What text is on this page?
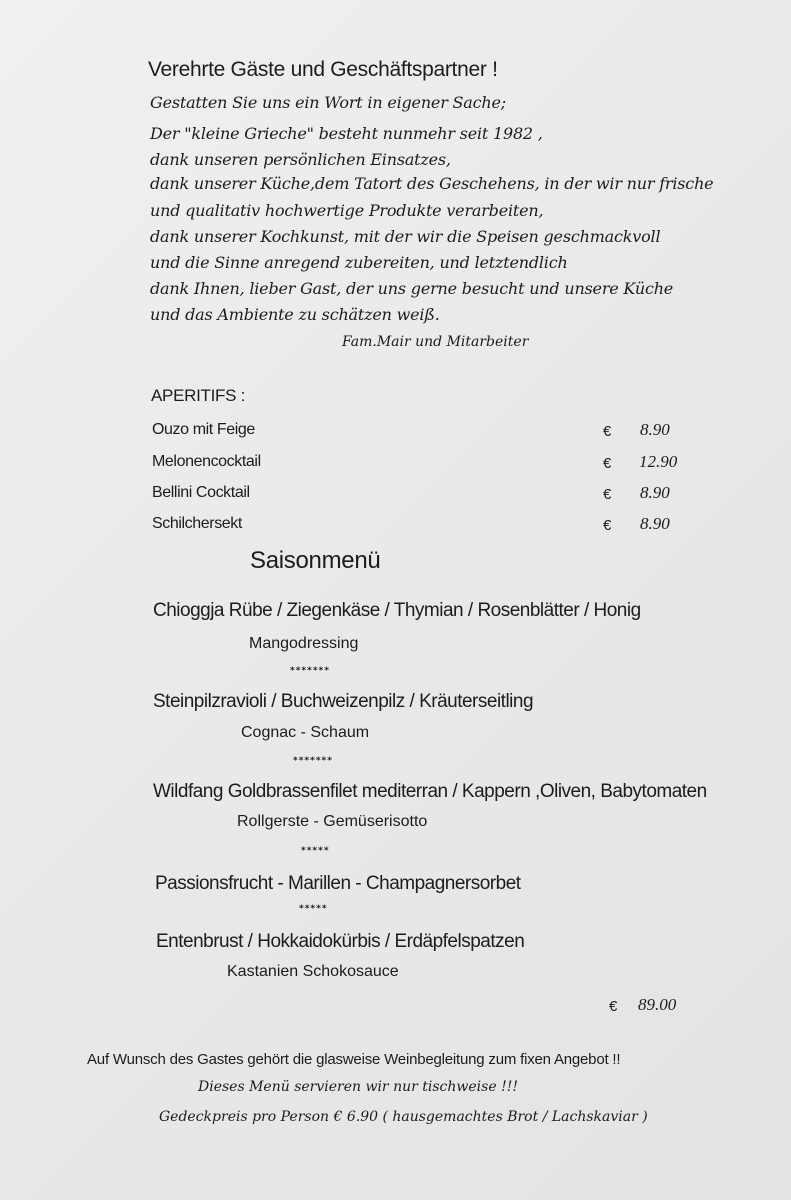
Verehrte Gäste und Geschäftspartner !
Gestatten Sie uns ein Wort in eigener Sache;
Der "kleine Grieche" besteht nunmehr seit 1982 ,
dank unseren persönlichen Einsatzes,
dank unserer Küche,dem Tatort des Geschehens, in der wir nur frische
und qualitativ hochwertige Produkte verarbeiten,
dank unserer Kochkunst, mit der wir die Speisen geschmackvoll
und die Sinne anregend zubereiten, und letztendlich
dank Ihnen, lieber Gast, der uns gerne besucht und unsere Küche
und das Ambiente zu schätzen weiß.
Fam.Mair und Mitarbeiter
APERITIFS :
Ouzo mit Feige	€ 8.90
Melonencocktail	€ 12.90
Bellini Cocktail	€ 8.90
Schilchersekt	€ 8.90
Saisonmenü
Chioggja Rübe / Ziegenkäse / Thymian / Rosenblätter / Honig
Mangodressing
*******
Steinpilzravioli / Buchweizenpilz / Kräuterseitling
Cognac - Schaum
*******
Wildfang Goldbrassenfilet mediterran / Kappern ,Oliven, Babytomaten
Rollgerste - Gemüserisotto
*****
Passionsfrucht - Marillen - Champagnersorbet
*****
Entenbrust / Hokkaidokürbis / Erdäpfelspatzen
Kastanien Schokosauce
€ 89.00
Auf Wunsch des Gastes gehört die glasweise Weinbegleitung zum fixen Angebot !!
Dieses Menü servieren wir nur tischweise !!!
Gedeckpreis pro Person € 6.90 ( hausgemachtes Brot / Lachskaviar )
